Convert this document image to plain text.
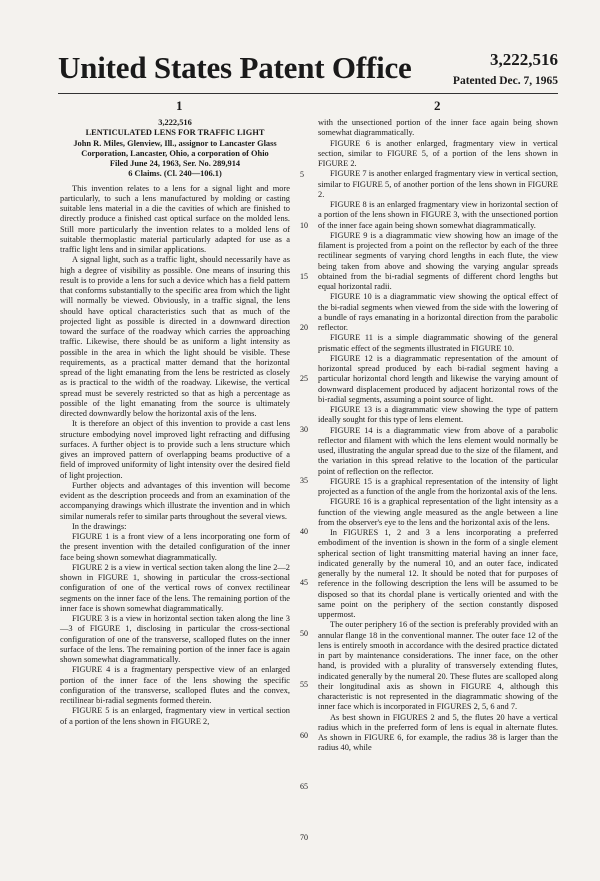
United States Patent Office	3,222,516
Patented Dec. 7, 1965
1	2

3,222,516

LENTICULATED LENS FOR TRAFFIC LIGHT

John R. Miles, Glenview, Ill., assignor to Lancaster Glass Corporation, Lancaster, Ohio, a corporation of Ohio

Filed June 24, 1963, Ser. No. 289,914

6 Claims. (Cl. 240—106.1)

This invention relates to a lens for a signal light and more particularly, to such a lens manufactured by molding or casting suitable lens material in a die the cavities of which are finished to directly produce a finished cast optical surface on the molded lens. Still more particularly the invention relates to a molded lens of suitable thermoplastic material particularly adapted for use as a traffic light lens and in similar applications.

A signal light, such as a traffic light, should necessarily have as high a degree of visibility as possible. One means of insuring this result is to provide a lens for such a device which has a field pattern that conforms substantially to the specific area from which the light will normally be viewed. Obviously, in a traffic signal, the lens should have optical characteristics such that as much of the projected light as possible is directed in a downward direction toward the surface of the roadway which carries the approaching traffic. Likewise, there should be as uniform a light intensity as possible in the area in which the light should be visible. These requirements, as a practical matter demand that the horizontal spread of the light emanating from the lens be restricted as closely as is practical to the width of the roadway. Likewise, the vertical spread must be severely restricted so that as high a percentage as possible of the light emanating from the source is ultimately directed downwardly below the horizontal axis of the lens.

It is therefore an object of this invention to provide a cast lens structure embodying novel improved light refracting and diffusing surfaces. A further object is to provide such a lens structure which gives an improved pattern of overlapping beams productive of a field of improved uniformity of light intensity over the desired field of light projection.

Further objects and advantages of this invention will become evident as the description proceeds and from an examination of the accompanying drawings which illustrate the invention and in which similar numerals refer to similar parts throughout the several views.

In the drawings:

FIGURE 1 is a front view of a lens incorporating one form of the present invention with the detailed configuration of the inner face being shown somewhat diagrammatically.

FIGURE 2 is a view in vertical section taken along the line 2—2 shown in FIGURE 1, showing in particular the cross-sectional configuration of one of the vertical rows of convex rectilinear segments on the inner face of the lens. The remaining portion of the inner face is shown somewhat diagrammatically.

FIGURE 3 is a view in horizontal section taken along the line 3—3 of FIGURE 1, disclosing in particular the cross-sectional configuration of one of the transverse, scalloped flutes on the inner surface of the lens. The remaining portion of the inner face is again shown somewhat diagrammatically.

FIGURE 4 is a fragmentary perspective view of an enlarged portion of the inner face of the lens showing the specific configuration of the transverse, scalloped flutes and the convex, rectilinear bi-radial segments formed therein.

FIGURE 5 is an enlarged, fragmentary view in vertical section of a portion of the lens shown in FIGURE 2,

5
10
15
20
25
30
35
40
45
50
55
60
65
70

with the unsectioned portion of the inner face again being shown somewhat diagrammatically.

FIGURE 6 is another enlarged, fragmentary view in vertical section, similar to FIGURE 5, of a portion of the lens shown in FIGURE 2.

FIGURE 7 is another enlarged fragmentary view in vertical section, similar to FIGURE 5, of another portion of the lens shown in FIGURE 2.

FIGURE 8 is an enlarged fragmentary view in horizontal section of a portion of the lens shown in FIGURE 3, with the unsectioned portion of the inner face again being shown somewhat diagrammatically.

FIGURE 9 is a diagrammatic view showing how an image of the filament is projected from a point on the reflector by each of the three rectilinear segments of varying chord lengths in each flute, the view being taken from above and showing the varying angular spreads obtained from the bi-radial segments of different chord lengths but equal horizontal radii.

FIGURE 10 is a diagrammatic view showing the optical effect of the bi-radial segments when viewed from the side with the lowering of a bundle of rays emanating in a horizontal direction from the parabolic reflector.

FIGURE 11 is a simple diagrammatic showing of the general prismatic effect of the segments illustrated in FIGURE 10.

FIGURE 12 is a diagrammatic representation of the amount of horizontal spread produced by each bi-radial segment having a particular horizontal chord length and likewise the varying amount of downward displacement produced by adjacent horizontal rows of the bi-radial segments, assuming a point source of light.

FIGURE 13 is a diagrammatic view showing the type of pattern ideally sought for this type of lens element.

FIGURE 14 is a diagrammatic view from above of a parabolic reflector and filament with which the lens element would normally be used, illustrating the angular spread due to the size of the filament, and the variation in this spread relative to the location of the particular point of reflection on the reflector.

FIGURE 15 is a graphical representation of the intensity of light projected as a function of the angle from the horizontal axis of the lens.

FIGURE 16 is a graphical representation of the light intensity as a function of the viewing angle measured as the angle between a line from the observer's eye to the lens and the horizontal axis of the lens.

In FIGURES 1, 2 and 3 a lens incorporating a preferred embodiment of the invention is shown in the form of a single element spherical section of light transmitting material having an inner face, indicated generally by the numeral 10, and an outer face, indicated generally by the numeral 12. It should be noted that for purposes of reference in the following description the lens will be assumed to be disposed so that its chordal plane is vertically oriented and with the same point on the periphery of the section constantly disposed uppermost.

The outer periphery 16 of the section is preferably provided with an annular flange 18 in the conventional manner. The outer face 12 of the lens is entirely smooth in accordance with the desired practice dictated in part by maintenance considerations. The inner face, on the other hand, is provided with a plurality of transversely extending flutes, indicated generally by the numeral 20. These flutes are scalloped along their longitudinal axis as shown in FIGURE 4, although this characteristic is not represented in the diagrammatic showing of the inner face which is incorporated in FIGURES 2, 5, 6 and 7.

As best shown in FIGURES 2 and 5, the flutes 20 have a vertical radius which in the preferred form of lens is equal in alternate flutes. As shown in FIGURE 6, for example, the radius 38 is larger than the radius 40, while
